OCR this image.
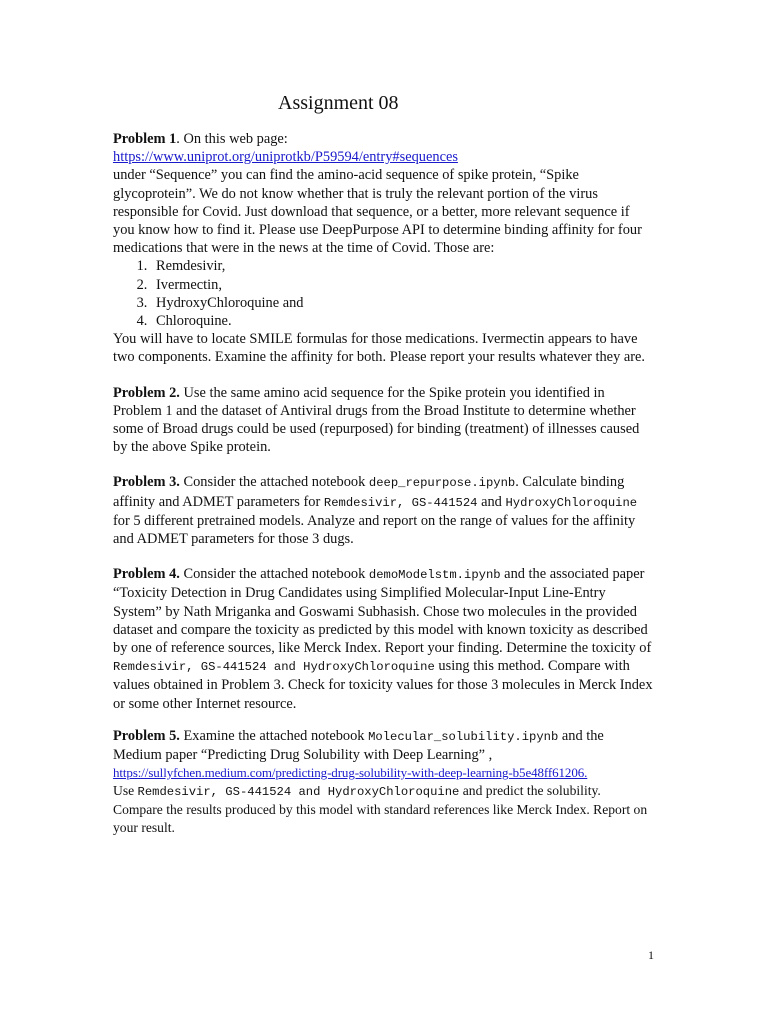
Assignment 08

Problem 1. On this web page:

https://www.uniprot.org/uniprotkb/P59594/entry#sequences

under “Sequence” you can find the amino-acid sequence of spike protein, “Spike glycoprotein”. We do not know whether that is truly the relevant portion of the virus responsible for Covid. Just download that sequence, or a better, more relevant sequence if you know how to find it. Please use DeepPurpose API to determine binding affinity for four medications that were in the news at the time of Covid. Those are:

1. Remdesivir,
2. Ivermectin,
3. HydroxyChloroquine and
4. Chloroquine.

You will have to locate SMILE formulas for those medications. Ivermectin appears to have two components. Examine the affinity for both. Please report your results whatever they are.

Problem 2. Use the same amino acid sequence for the Spike protein you identified in Problem 1 and the dataset of Antiviral drugs from the Broad Institute to determine whether some of Broad drugs could be used (repurposed) for binding (treatment) of illnesses caused by the above Spike protein.

Problem 3. Consider the attached notebook deep_repurpose.ipynb. Calculate binding affinity and ADMET parameters for Remdesivir, GS-441524 and HydroxyChloroquine for 5 different pretrained models. Analyze and report on the range of values for the affinity and ADMET parameters for those 3 dugs.

Problem 4. Consider the attached notebook demoModelstm.ipynb and the associated paper “Toxicity Detection in Drug Candidates using Simplified Molecular-Input Line-Entry System” by Nath Mriganka and Goswami Subhasish. Chose two molecules in the provided dataset and compare the toxicity as predicted by this model with known toxicity as described by one of reference sources, like Merck Index. Report your finding. Determine the toxicity of Remdesivir, GS-441524 and HydroxyChloroquine using this method. Compare with values obtained in Problem 3. Check for toxicity values for those 3 molecules in Merck Index or some other Internet resource.

Problem 5. Examine the attached notebook Molecular_solubility.ipynb and the Medium paper “Predicting Drug Solubility with Deep Learning” ,

https://sullyfchen.medium.com/predicting-drug-solubility-with-deep-learning-b5e48ff61206.

Use Remdesivir, GS-441524 and HydroxyChloroquine and predict the solubility. Compare the results produced by this model with standard references like Merck Index. Report on your result.

1
